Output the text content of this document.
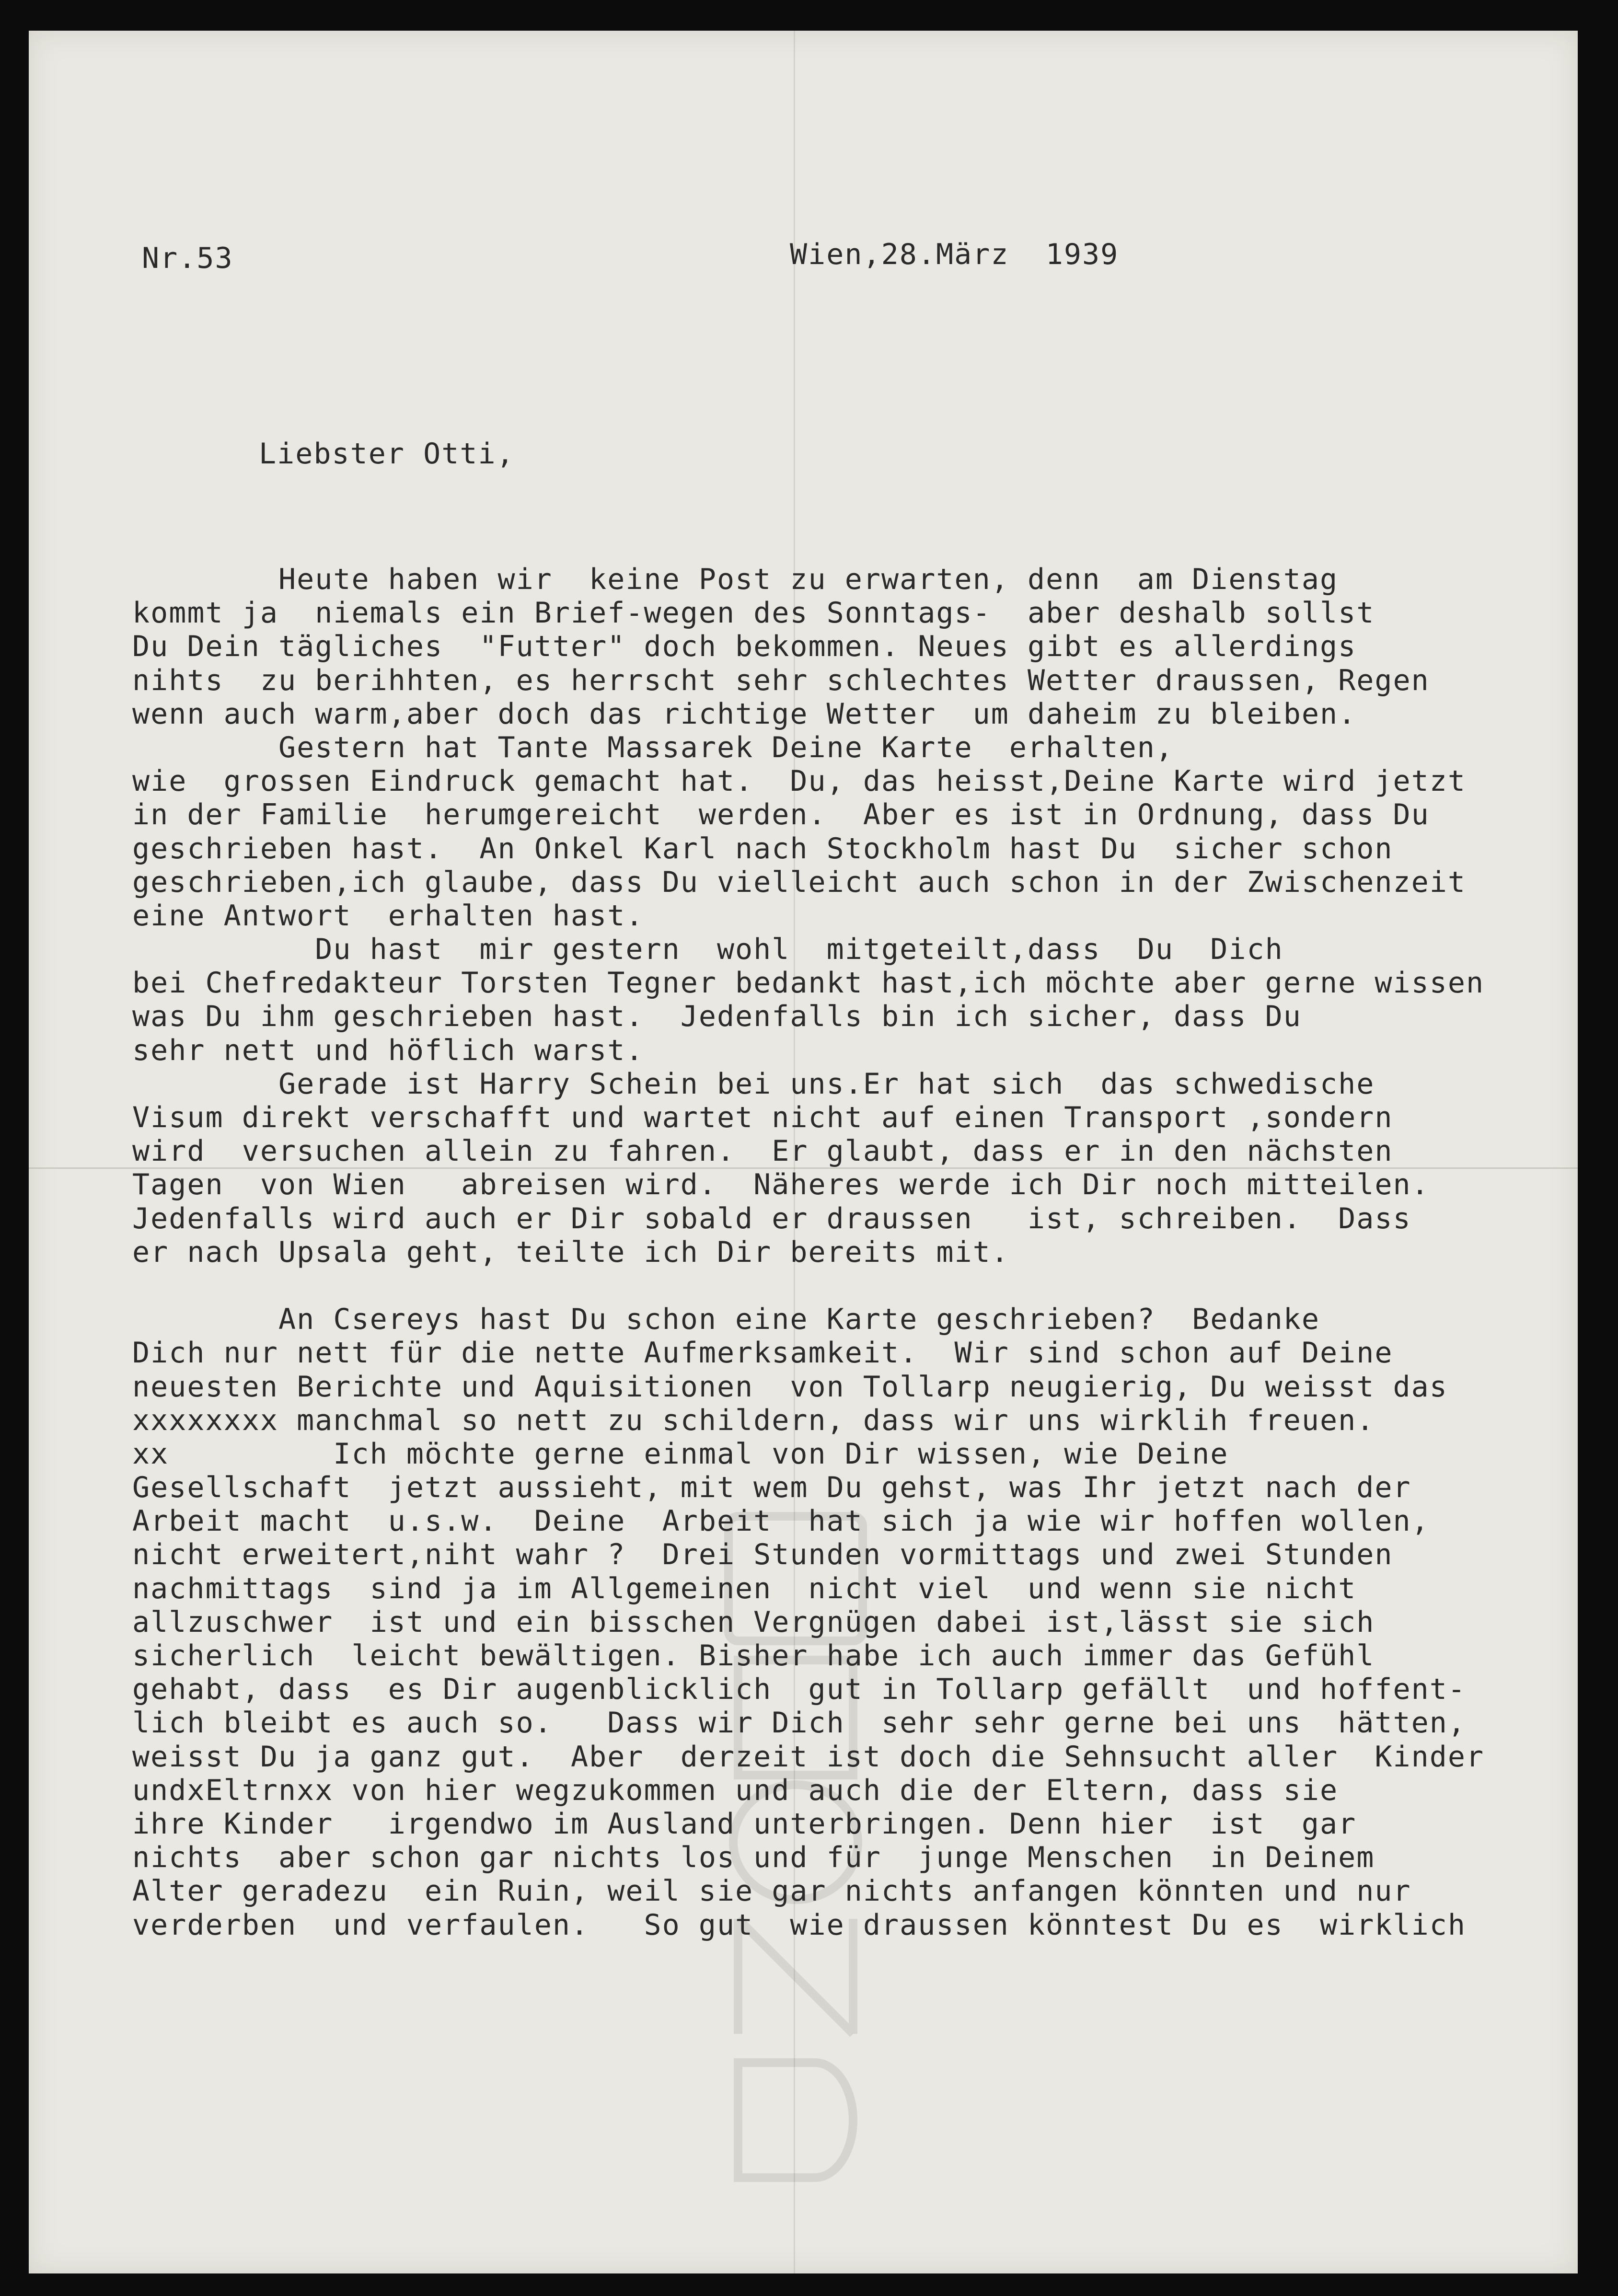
Nr.53	Wien,28.März  1939
Liebster Otti,
Heute haben wir  keine Post zu erwarten, denn  am Dienstag
kommt ja  niemals ein Brief-wegen des Sonntags-  aber deshalb sollst
Du Dein tägliches  "Futter" doch bekommen. Neues gibt es allerdings
nihts  zu berihhten, es herrscht sehr schlechtes Wetter draussen, Regen
wenn auch warm,aber doch das richtige Wetter  um daheim zu bleiben.
Gestern hat Tante Massarek Deine Karte  erhalten,
wie  grossen Eindruck gemacht hat.  Du, das heisst,Deine Karte wird jetzt
in der Familie  herumgereicht  werden.  Aber es ist in Ordnung, dass Du
geschrieben hast.  An Onkel Karl nach Stockholm hast Du  sicher schon
geschrieben,ich glaube, dass Du vielleicht auch schon in der Zwischenzeit
eine Antwort  erhalten hast.
Du hast  mir gestern  wohl  mitgeteilt,dass  Du  Dich
bei Chefredakteur Torsten Tegner bedankt hast,ich möchte aber gerne wissen
was Du ihm geschrieben hast.  Jedenfalls bin ich sicher, dass Du
sehr nett und höflich warst.
Gerade ist Harry Schein bei uns.Er hat sich  das schwedische
Visum direkt verschafft und wartet nicht auf einen Transport ,sondern
wird  versuchen allein zu fahren.  Er glaubt, dass er in den nächsten
Tagen  von Wien   abreisen wird.  Näheres werde ich Dir noch mitteilen.
Jedenfalls wird auch er Dir sobald er draussen   ist, schreiben.  Dass
er nach Upsala geht, teilte ich Dir bereits mit.
An Csereys hast Du schon eine Karte geschrieben?  Bedanke
Dich nur nett für die nette Aufmerksamkeit.  Wir sind schon auf Deine
neuesten Berichte und Aquisitionen  von Tollarp neugierig, Du weisst das
xxxxxxxx manchmal so nett zu schildern, dass wir uns wirklih freuen.
xx         Ich möchte gerne einmal von Dir wissen, wie Deine
Gesellschaft  jetzt aussieht, mit wem Du gehst, was Ihr jetzt nach der
Arbeit macht  u.s.w.  Deine  Arbeit  hat sich ja wie wir hoffen wollen,
nicht erweitert,niht wahr ?  Drei Stunden vormittags und zwei Stunden
nachmittags  sind ja im Allgemeinen  nicht viel  und wenn sie nicht
allzuschwer  ist und ein bisschen Vergnügen dabei ist,lässt sie sich
sicherlich  leicht bewältigen. Bisher habe ich auch immer das Gefühl
gehabt, dass  es Dir augenblicklich  gut in Tollarp gefällt  und hoffent-
lich bleibt es auch so.   Dass wir Dich  sehr sehr gerne bei uns  hätten,
weisst Du ja ganz gut.  Aber  derzeit ist doch die Sehnsucht aller  Kinder
undxEltrnxx von hier wegzukommen und auch die der Eltern, dass sie
ihre Kinder   irgendwo im Ausland unterbringen. Denn hier  ist  gar
nichts  aber schon gar nichts los und für  junge Menschen  in Deinem
Alter geradezu  ein Ruin, weil sie gar nichts anfangen könnten und nur
verderben  und verfaulen.   So gut  wie draussen könntest Du es  wirklich
